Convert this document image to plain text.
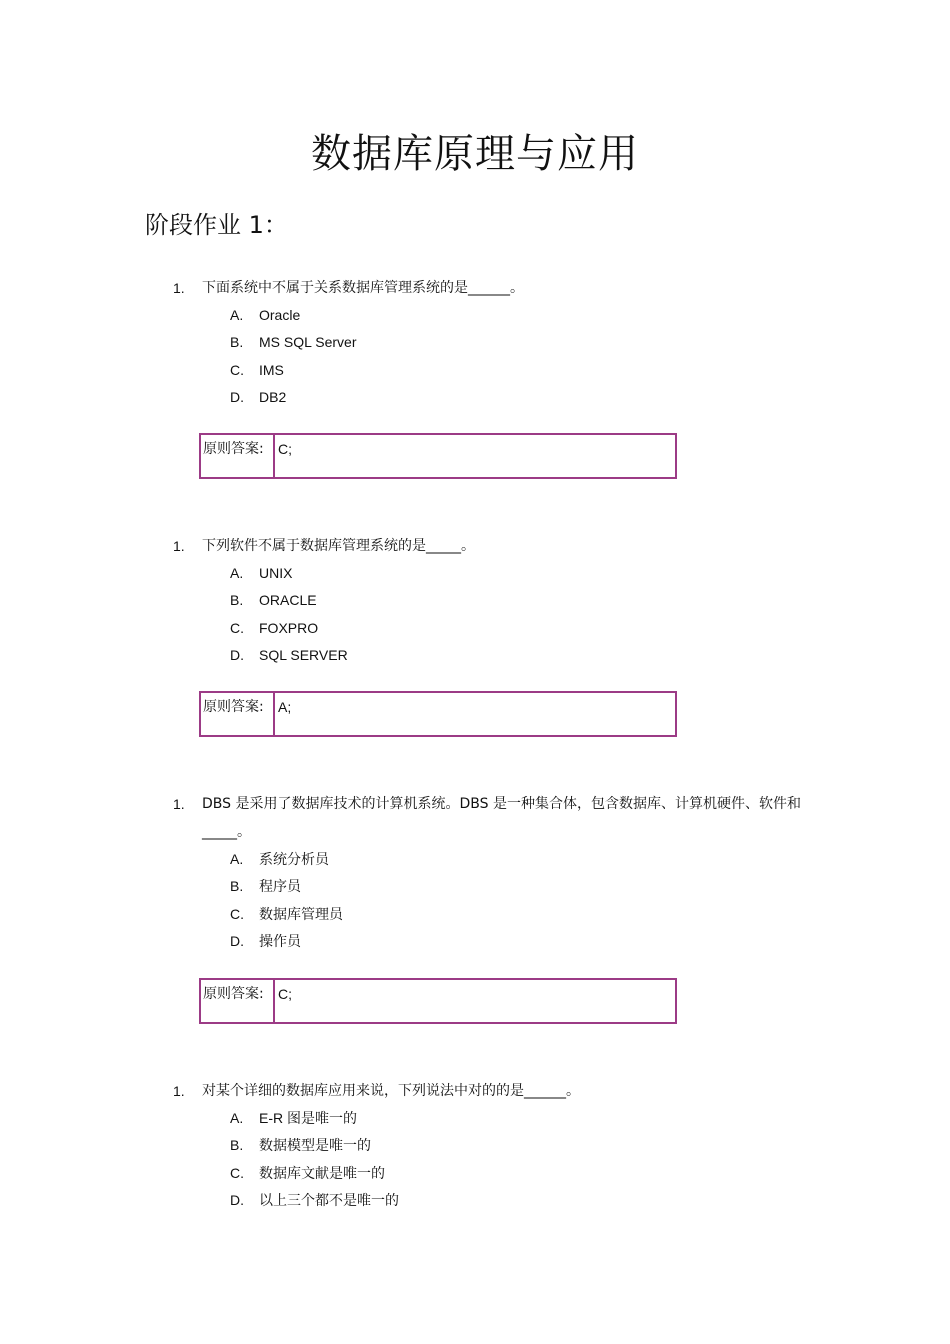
数据库原理与应用
阶段作业 1：
1. 下面系统中不属于关系数据库管理系统的是______。
A. Oracle
B. MS SQL Server
C. IMS
D. DB2
原则答案:	C;
1. 下列软件不属于数据库管理系统的是_____。
A. UNIX
B. ORACLE
C. FOXPRO
D. SQL SERVER
原则答案:	A;
1. DBS 是采用了数据库技术的计算机系统。DBS 是一种集合体，包含数据库、计算机硬件、软件和_____。
A. 系统分析员
B. 程序员
C. 数据库管理员
D. 操作员
原则答案:	C;
1. 对某个详细的数据库应用来说，下列说法中对的的是______。
A. E-R 图是唯一的
B. 数据模型是唯一的
C. 数据库文献是唯一的
D. 以上三个都不是唯一的
